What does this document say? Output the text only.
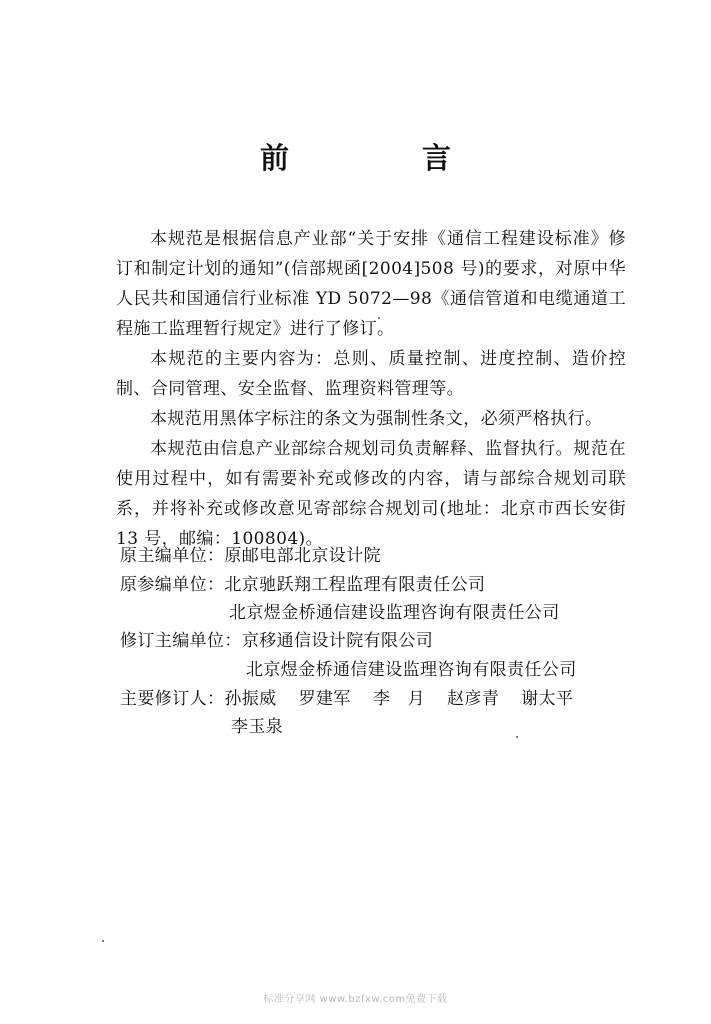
前　言

本规范是根据信息产业部“关于安排《通信工程建设标准》修订和制定计划的通知”(信部规函[2004]508 号)的要求，对原中华人民共和国通信行业标准 YD 5072—98《通信管道和电缆通道工程施工监理暂行规定》进行了修订。

本规范的主要内容为：总则、质量控制、进度控制、造价控制、合同管理、安全监督、监理资料管理等。

本规范用黑体字标注的条文为强制性条文，必须严格执行。

本规范由信息产业部综合规划司负责解释、监督执行。规范在使用过程中，如有需要补充或修改的内容，请与部综合规划司联系，并将补充或修改意见寄部综合规划司(地址：北京市西长安街13 号，邮编：100804)。

原主编单位：原邮电部北京设计院
原参编单位：北京驰跃翔工程监理有限责任公司
北京煜金桥通信建设监理咨询有限责任公司
修订主编单位：京移通信设计院有限公司
北京煜金桥通信建设监理咨询有限责任公司
主要修订人：孙振威 罗建军 李　月 赵彦青 谢太平
李玉泉
标准分享网 www.bzfxw.com免费下载
